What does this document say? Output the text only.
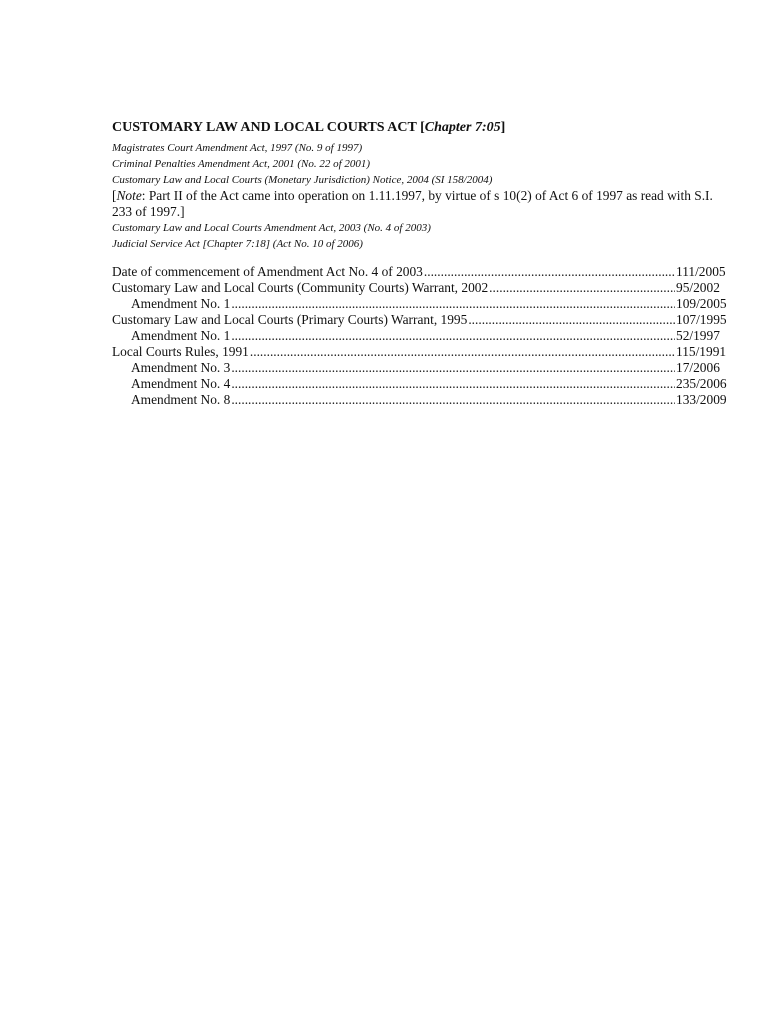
CUSTOMARY LAW AND LOCAL COURTS ACT [Chapter 7:05]
Magistrates Court Amendment Act, 1997 (No. 9 of 1997)
Criminal Penalties Amendment Act, 2001 (No. 22 of 2001)
Customary Law and Local Courts (Monetary Jurisdiction) Notice, 2004 (SI 158/2004)

[Note: Part II of the Act came into operation on 1.11.1997, by virtue of s 10(2) of Act 6 of 1997 as read with S.I. 233 of 1997.]

Customary Law and Local Courts Amendment Act, 2003 (No. 4 of 2003)
Judicial Service Act [Chapter 7:18] (Act No. 10 of 2006)
Date of commencement of Amendment Act No. 4 of 2003 .....	111/2005
Customary Law and Local Courts (Community Courts) Warrant, 2002 .....	95/2002
Amendment No. 1 .....	109/2005
Customary Law and Local Courts (Primary Courts) Warrant, 1995 .....	107/1995
Amendment No. 1 .....	52/1997
Local Courts Rules, 1991 .....	115/1991
Amendment No. 3 .....	17/2006
Amendment No. 4 .....	235/2006
Amendment No. 8 .....	133/2009
